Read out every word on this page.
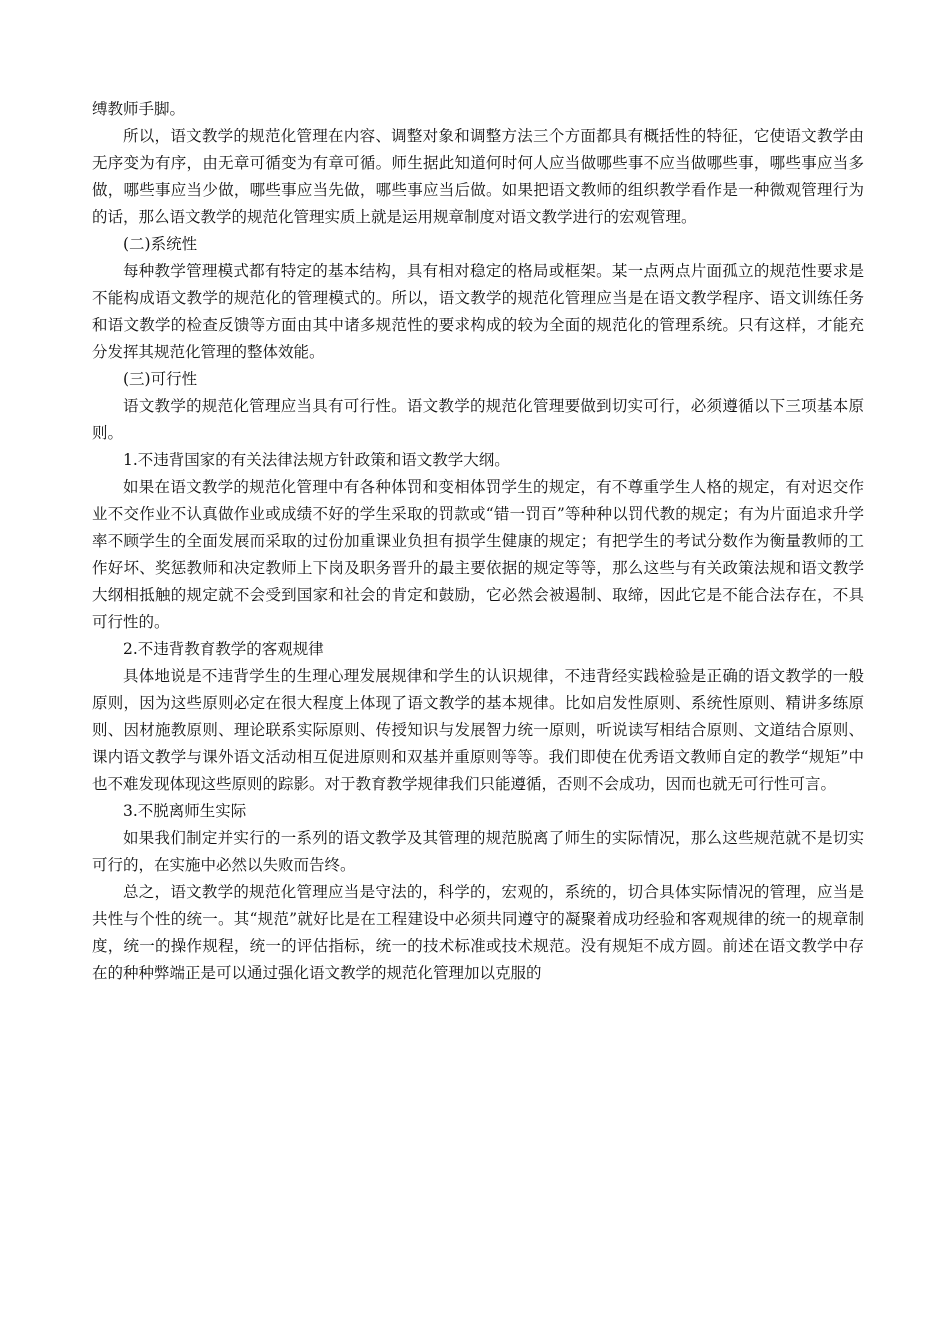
缚教师手脚。

所以，语文教学的规范化管理在内容、调整对象和调整方法三个方面都具有概括性的特征，它使语文教学由无序变为有序，由无章可循变为有章可循。师生据此知道何时何人应当做哪些事不应当做哪些事，哪些事应当多做，哪些事应当少做，哪些事应当先做，哪些事应当后做。如果把语文教师的组织教学看作是一种微观管理行为的话，那么语文教学的规范化管理实质上就是运用规章制度对语文教学进行的宏观管理。

(二)系统性

每种教学管理模式都有特定的基本结构，具有相对稳定的格局或框架。某一点两点片面孤立的规范性要求是不能构成语文教学的规范化的管理模式的。所以，语文教学的规范化管理应当是在语文教学程序、语文训练任务和语文教学的检查反馈等方面由其中诸多规范性的要求构成的较为全面的规范化的管理系统。只有这样，才能充分发挥其规范化管理的整体效能。

(三)可行性

语文教学的规范化管理应当具有可行性。语文教学的规范化管理要做到切实可行，必须遵循以下三项基本原则。

1.不违背国家的有关法律法规方针政策和语文教学大纲。

如果在语文教学的规范化管理中有各种体罚和变相体罚学生的规定，有不尊重学生人格的规定，有对迟交作业不交作业不认真做作业或成绩不好的学生采取的罚款或“错一罚百”等种种以罚代教的规定；有为片面追求升学率不顾学生的全面发展而采取的过份加重课业负担有损学生健康的规定；有把学生的考试分数作为衡量教师的工作好坏、奖惩教师和决定教师上下岗及职务晋升的最主要依据的规定等等，那么这些与有关政策法规和语文教学大纲相抵触的规定就不会受到国家和社会的肯定和鼓励，它必然会被遏制、取缔，因此它是不能合法存在，不具可行性的。

2.不违背教育教学的客观规律

具体地说是不违背学生的生理心理发展规律和学生的认识规律，不违背经实践检验是正确的语文教学的一般原则，因为这些原则必定在很大程度上体现了语文教学的基本规律。比如启发性原则、系统性原则、精讲多练原则、因材施教原则、理论联系实际原则、传授知识与发展智力统一原则，听说读写相结合原则、文道结合原则、课内语文教学与课外语文活动相互促进原则和双基并重原则等等。我们即使在优秀语文教师自定的教学“规矩”中也不难发现体现这些原则的踪影。对于教育教学规律我们只能遵循，否则不会成功，因而也就无可行性可言。

3.不脱离师生实际

如果我们制定并实行的一系列的语文教学及其管理的规范脱离了师生的实际情况，那么这些规范就不是切实可行的，在实施中必然以失败而告终。

总之，语文教学的规范化管理应当是守法的，科学的，宏观的，系统的，切合具体实际情况的管理，应当是共性与个性的统一。其“规范”就好比是在工程建设中必须共同遵守的凝聚着成功经验和客观规律的统一的规章制度，统一的操作规程，统一的评估指标，统一的技术标准或技术规范。没有规矩不成方圆。前述在语文教学中存在的种种弊端正是可以通过强化语文教学的规范化管理加以克服的
